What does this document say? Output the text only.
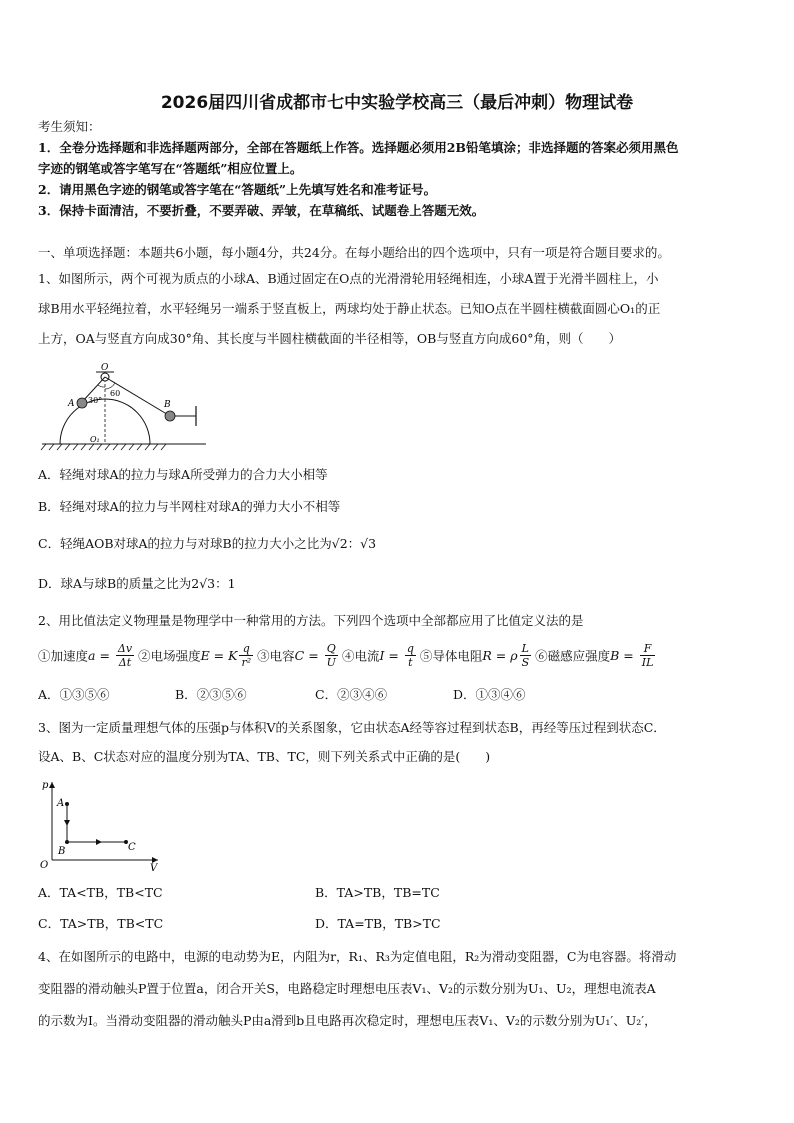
2026届四川省成都市七中实验学校高三（最后冲刺）物理试卷
考生须知：
1．全卷分选择题和非选择题两部分，全部在答题纸上作答。选择题必须用2B铅笔填涂；非选择题的答案必须用黑色
字迹的钢笔或答字笔写在“答题纸”相应位置上。
2．请用黑色字迹的钢笔或答字笔在“答题纸”上先填写姓名和准考证号。
3．保持卡面清洁，不要折叠，不要弄破、弄皱，在草稿纸、试题卷上答题无效。
一、单项选择题：本题共6小题，每小题4分，共24分。在每小题给出的四个选项中，只有一项是符合题目要求的。
1、如图所示，两个可视为质点的小球A、B通过固定在O点的光滑滑轮用轻绳相连，小球A置于光滑半圆柱上，小
球B用水平轻绳拉着，水平轻绳另一端系于竖直板上，两球均处于静止状态。已知O点在半圆柱横截面圆心O₁的正
上方，OA与竖直方向成30°角、其长度与半圆柱横截面的半径相等，OB与竖直方向成60°角，则（　　）
O
30°
60
A	B
O₁
A．轻绳对球A的拉力与球A所受弹力的合力大小相等
B．轻绳对球A的拉力与半网柱对球A的弹力大小不相等
C．轻绳AOB对球A的拉力与对球B的拉力大小之比为√2：√3
D．球A与球B的质量之比为2√3：1
2、用比值法定义物理量是物理学中一种常用的方法。下列四个选项中全部都应用了比值定义法的是
①加速度$a = \frac{\Delta v}{\Delta t}$ ②电场强度E = K $\frac{q}{\text{r²}}$ ③电容$C = \frac{Q}{U}$ ④电流$I = \frac{q}{t}$ ⑤导体电阻R = ρ $\frac{L}{S}$ ⑥磁感应强度$B = \frac{F}{IL}$
A．①③⑤⑥	B．②③⑤⑥	C．②③④⑥	D．①③④⑥
3、图为一定质量理想气体的压强p与体积V的关系图象，它由状态A经等容过程到状态B，再经等压过程到状态C．
设A、B、C状态对应的温度分别为TA、TB、TC，则下列关系式中正确的是(　　)
p
V
O
A
B	C
A．TA<TB，TB<TC	B．TA>TB，TB=TC
C．TA>TB，TB<TC	D．TA=TB，TB>TC
4、在如图所示的电路中，电源的电动势为E，内阻为r，R₁、R₃为定值电阻，R₂为滑动变阻器，C为电容器。将滑动
变阻器的滑动触头P置于位置a，闭合开关S，电路稳定时理想电压表V₁、V₂的示数分别为U₁、U₂，理想电流表A
的示数为I。当滑动变阻器的滑动触头P由a滑到b且电路再次稳定时，理想电压表V₁、V₂的示数分别为U₁′、U₂′，
